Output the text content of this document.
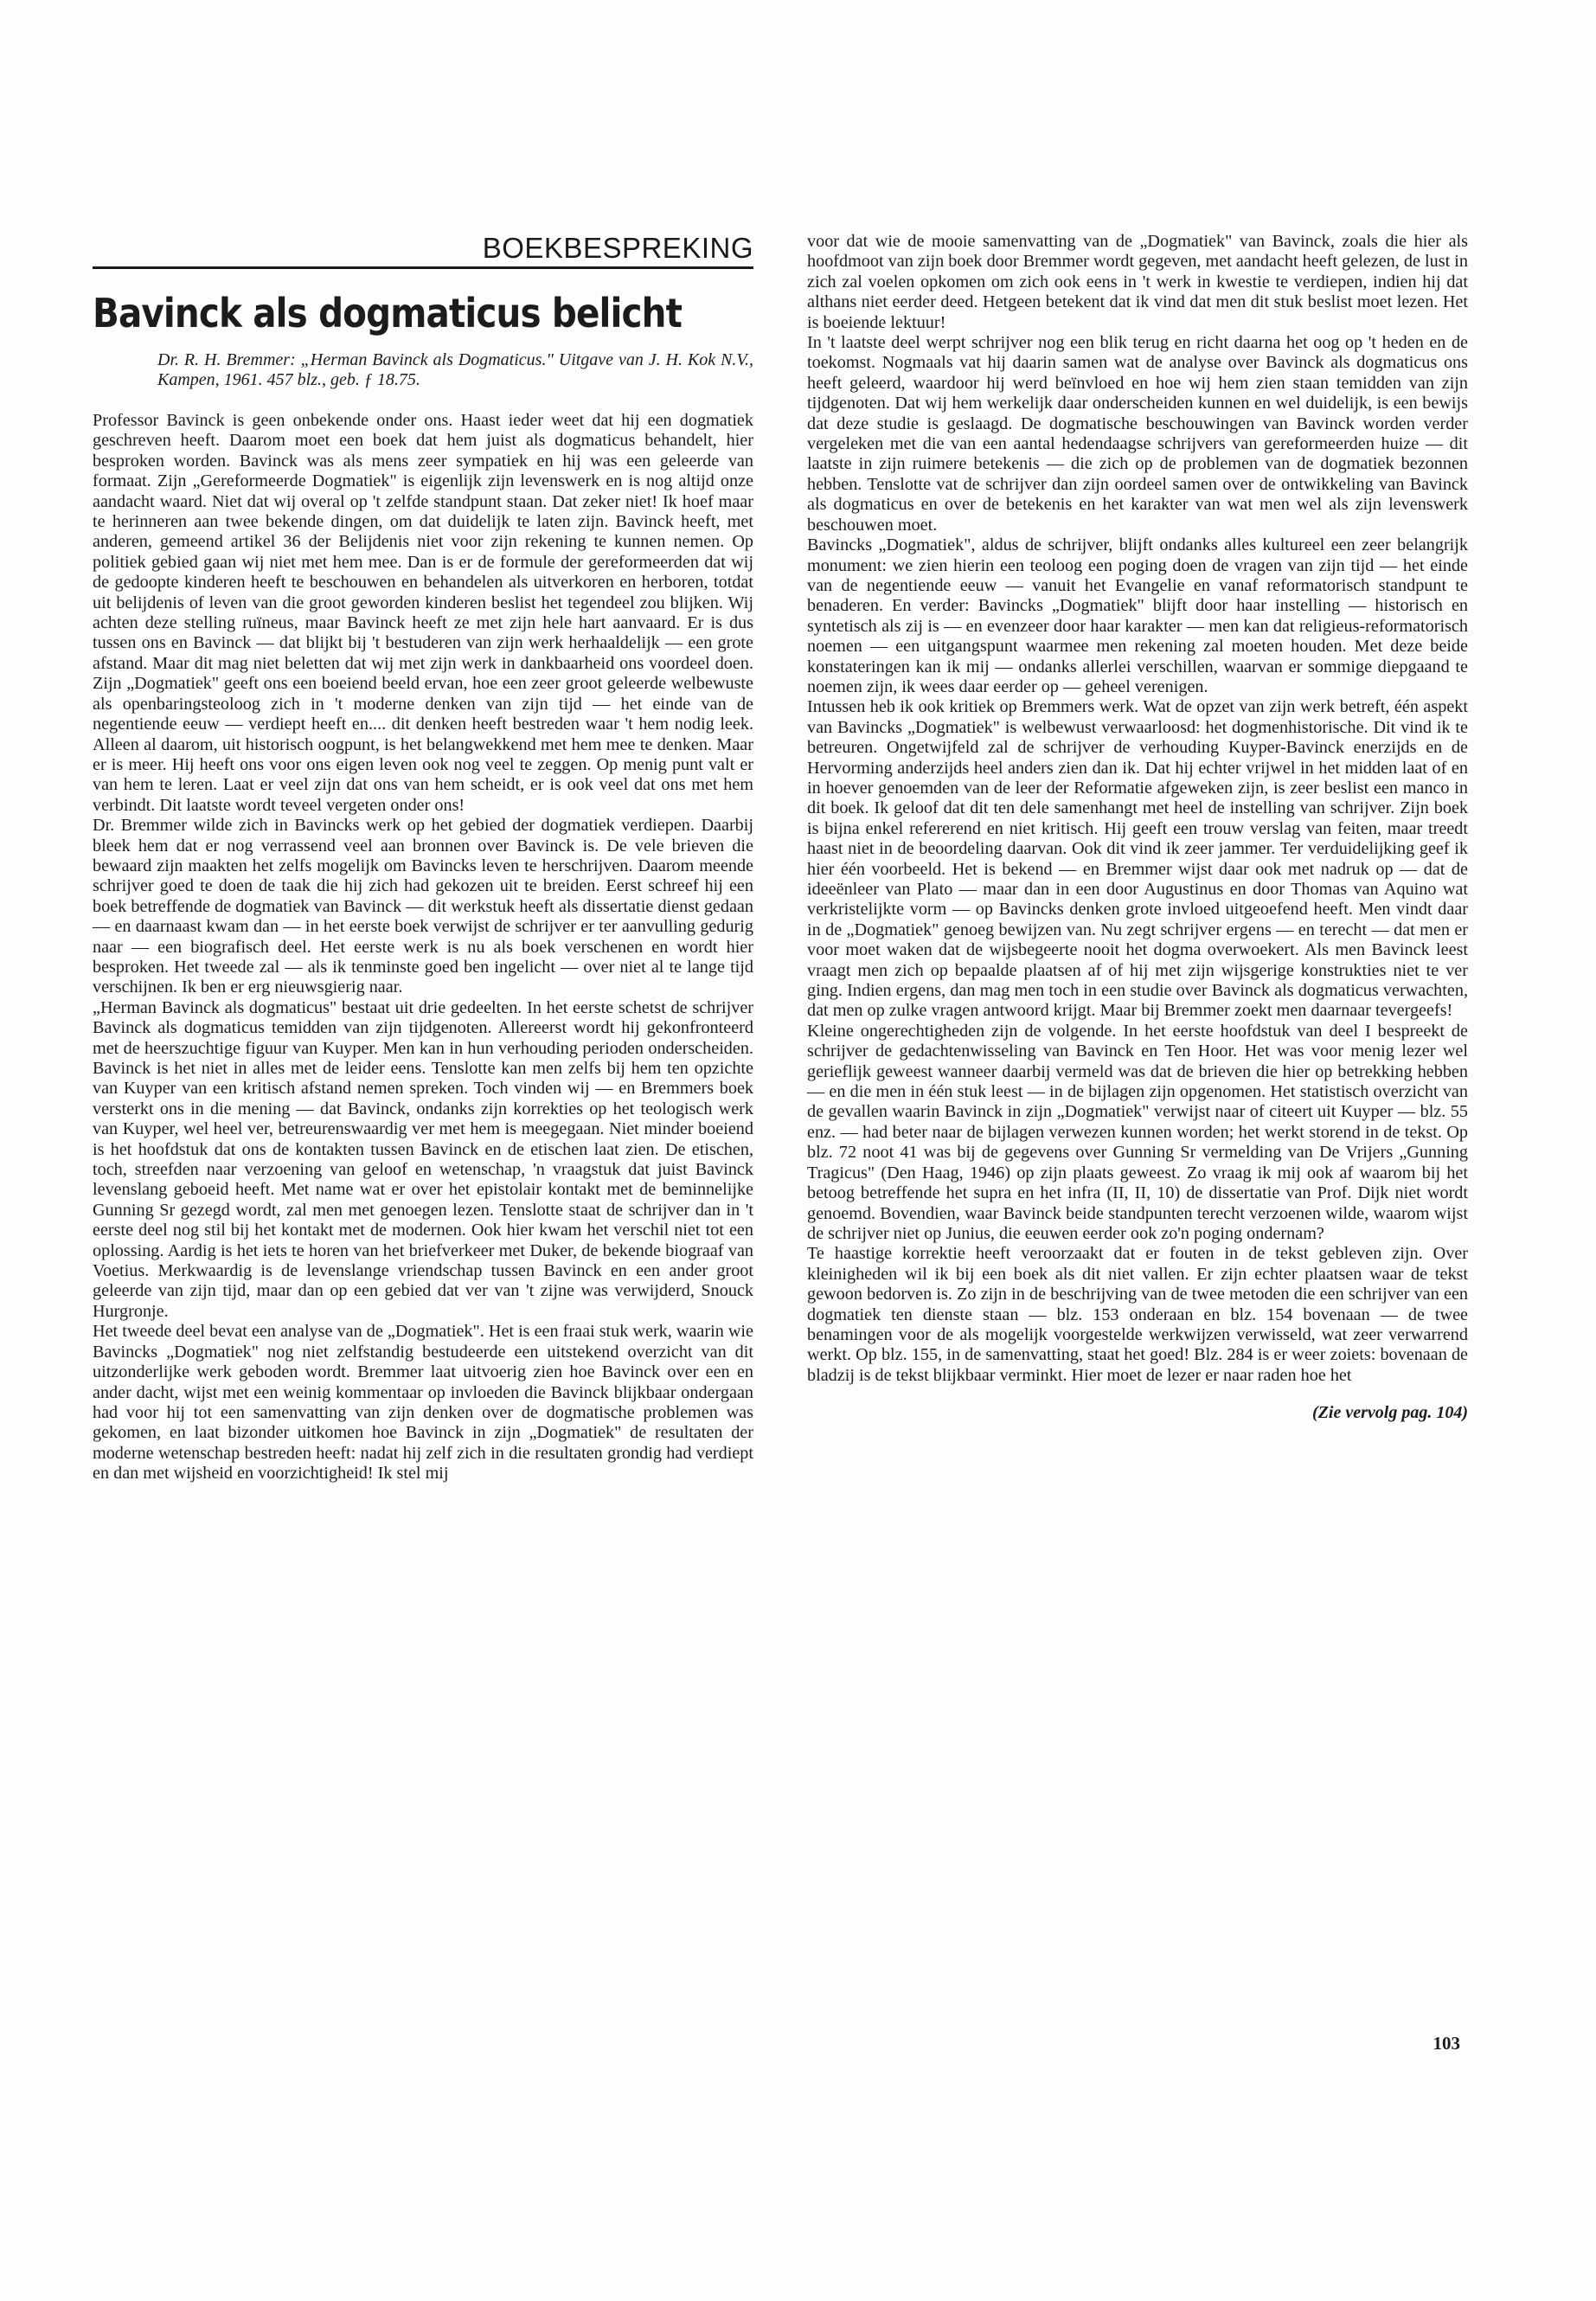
BOEKBESPREKING
Bavinck als dogmaticus belicht
Dr. R. H. Bremmer: „Herman Bavinck als Dogmaticus." Uitgave van J. H. Kok N.V., Kampen, 1961. 457 blz., geb. ƒ 18.75.

Professor Bavinck is geen onbekende onder ons. Haast ieder weet dat hij een dogmatiek geschreven heeft. Daarom moet een boek dat hem juist als dogmaticus behandelt, hier besproken worden. Bavinck was als mens zeer sympatiek en hij was een geleerde van formaat. Zijn „Gereformeerde Dogmatiek" is eigenlijk zijn levenswerk en is nog altijd onze aandacht waard. Niet dat wij overal op 't zelfde standpunt staan. Dat zeker niet! Ik hoef maar te herinneren aan twee bekende dingen, om dat duidelijk te laten zijn. Bavinck heeft, met anderen, gemeend artikel 36 der Belijdenis niet voor zijn rekening te kunnen nemen. Op politiek gebied gaan wij niet met hem mee. Dan is er de formule der gereformeerden dat wij de gedoopte kinderen heeft te beschouwen en behandelen als uitverkoren en herboren, totdat uit belijdenis of leven van die groot geworden kinderen beslist het tegendeel zou blijken. Wij achten deze stelling ruïneus, maar Bavinck heeft ze met zijn hele hart aanvaard. Er is dus tussen ons en Bavinck — dat blijkt bij 't bestuderen van zijn werk herhaaldelijk — een grote afstand. Maar dit mag niet beletten dat wij met zijn werk in dankbaarheid ons voordeel doen. Zijn „Dogmatiek" geeft ons een boeiend beeld ervan, hoe een zeer groot geleerde welbewuste als openbaringsteoloog zich in 't moderne denken van zijn tijd — het einde van de negentiende eeuw — verdiept heeft en.... dit denken heeft bestreden waar 't hem nodig leek. Alleen al daarom, uit historisch oogpunt, is het belangwekkend met hem mee te denken. Maar er is meer. Hij heeft ons voor ons eigen leven ook nog veel te zeggen. Op menig punt valt er van hem te leren. Laat er veel zijn dat ons van hem scheidt, er is ook veel dat ons met hem verbindt. Dit laatste wordt teveel vergeten onder ons!

Dr. Bremmer wilde zich in Bavincks werk op het gebied der dogmatiek verdiepen. Daarbij bleek hem dat er nog verrassend veel aan bronnen over Bavinck is. De vele brieven die bewaard zijn maakten het zelfs mogelijk om Bavincks leven te herschrijven. Daarom meende schrijver goed te doen de taak die hij zich had gekozen uit te breiden. Eerst schreef hij een boek betreffende de dogmatiek van Bavinck — dit werkstuk heeft als dissertatie dienst gedaan — en daarnaast kwam dan — in het eerste boek verwijst de schrijver er ter aanvulling gedurig naar — een biografisch deel. Het eerste werk is nu als boek verschenen en wordt hier besproken. Het tweede zal — als ik tenminste goed ben ingelicht — over niet al te lange tijd verschijnen. Ik ben er erg nieuwsgierig naar.

„Herman Bavinck als dogmaticus" bestaat uit drie gedeelten. In het eerste schetst de schrijver Bavinck als dogmaticus temidden van zijn tijdgenoten. Allereerst wordt hij gekonfronteerd met de heerszuchtige figuur van Kuyper. Men kan in hun verhouding perioden onderscheiden. Bavinck is het niet in alles met de leider eens. Tenslotte kan men zelfs bij hem ten opzichte van Kuyper van een kritisch afstand nemen spreken. Toch vinden wij — en Bremmers boek versterkt ons in die mening — dat Bavinck, ondanks zijn korrekties op het teologisch werk van Kuyper, wel heel ver, betreurenswaardig ver met hem is meegegaan. Niet minder boeiend is het hoofdstuk dat ons de kontakten tussen Bavinck en de etischen laat zien. De etischen, toch, streefden naar verzoening van geloof en wetenschap, 'n vraagstuk dat juist Bavinck levenslang geboeid heeft. Met name wat er over het epistolair kontakt met de beminnelijke Gunning Sr gezegd wordt, zal men met genoegen lezen. Tenslotte staat de schrijver dan in 't eerste deel nog stil bij het kontakt met de modernen. Ook hier kwam het verschil niet tot een oplossing. Aardig is het iets te horen van het briefverkeer met Duker, de bekende biograaf van Voetius. Merkwaardig is de levenslange vriendschap tussen Bavinck en een ander groot geleerde van zijn tijd, maar dan op een gebied dat ver van 't zijne was verwijderd, Snouck Hurgronje.

Het tweede deel bevat een analyse van de „Dogmatiek". Het is een fraai stuk werk, waarin wie Bavincks „Dogmatiek" nog niet zelfstandig bestudeerde een uitstekend overzicht van dit uitzonderlijke werk geboden wordt. Bremmer laat uitvoerig zien hoe Bavinck over een en ander dacht, wijst met een weinig kommentaar op invloeden die Bavinck blijkbaar ondergaan had voor hij tot een samenvatting van zijn denken over de dogmatische problemen was gekomen, en laat bizonder uitkomen hoe Bavinck in zijn „Dogmatiek" de resultaten der moderne wetenschap bestreden heeft: nadat hij zelf zich in die resultaten grondig had verdiept en dan met wijsheid en voorzichtigheid! Ik stel mij

voor dat wie de mooie samenvatting van de „Dogmatiek" van Bavinck, zoals die hier als hoofdmoot van zijn boek door Bremmer wordt gegeven, met aandacht heeft gelezen, de lust in zich zal voelen opkomen om zich ook eens in 't werk in kwestie te verdiepen, indien hij dat althans niet eerder deed. Hetgeen betekent dat ik vind dat men dit stuk beslist moet lezen. Het is boeiende lektuur!

In 't laatste deel werpt schrijver nog een blik terug en richt daarna het oog op 't heden en de toekomst. Nogmaals vat hij daarin samen wat de analyse over Bavinck als dogmaticus ons heeft geleerd, waardoor hij werd beïnvloed en hoe wij hem zien staan temidden van zijn tijdgenoten. Dat wij hem werkelijk daar onderscheiden kunnen en wel duidelijk, is een bewijs dat deze studie is geslaagd. De dogmatische beschouwingen van Bavinck worden verder vergeleken met die van een aantal hedendaagse schrijvers van gereformeerden huize — dit laatste in zijn ruimere betekenis — die zich op de problemen van de dogmatiek bezonnen hebben. Tenslotte vat de schrijver dan zijn oordeel samen over de ontwikkeling van Bavinck als dogmaticus en over de betekenis en het karakter van wat men wel als zijn levenswerk beschouwen moet.

Bavincks „Dogmatiek", aldus de schrijver, blijft ondanks alles kultureel een zeer belangrijk monument: we zien hierin een teoloog een poging doen de vragen van zijn tijd — het einde van de negentiende eeuw — vanuit het Evangelie en vanaf reformatorisch standpunt te benaderen. En verder: Bavincks „Dogmatiek" blijft door haar instelling — historisch en syntetisch als zij is — en evenzeer door haar karakter — men kan dat religieus-reformatorisch noemen — een uitgangspunt waarmee men rekening zal moeten houden. Met deze beide konstateringen kan ik mij — ondanks allerlei verschillen, waarvan er sommige diepgaand te noemen zijn, ik wees daar eerder op — geheel verenigen.

Intussen heb ik ook kritiek op Bremmers werk. Wat de opzet van zijn werk betreft, één aspekt van Bavincks „Dogmatiek" is welbewust verwaarloosd: het dogmenhistorische. Dit vind ik te betreuren. Ongetwijfeld zal de schrijver de verhouding Kuyper-Bavinck enerzijds en de Hervorming anderzijds heel anders zien dan ik. Dat hij echter vrijwel in het midden laat of en in hoever genoemden van de leer der Reformatie afgeweken zijn, is zeer beslist een manco in dit boek. Ik geloof dat dit ten dele samenhangt met heel de instelling van schrijver. Zijn boek is bijna enkel refererend en niet kritisch. Hij geeft een trouw verslag van feiten, maar treedt haast niet in de beoordeling daarvan. Ook dit vind ik zeer jammer. Ter verduidelijking geef ik hier één voorbeeld. Het is bekend — en Bremmer wijst daar ook met nadruk op — dat de ideeënleer van Plato — maar dan in een door Augustinus en door Thomas van Aquino wat verkristelijkte vorm — op Bavincks denken grote invloed uitgeoefend heeft. Men vindt daar in de „Dogmatiek" genoeg bewijzen van. Nu zegt schrijver ergens — en terecht — dat men er voor moet waken dat de wijsbegeerte nooit het dogma overwoekert. Als men Bavinck leest vraagt men zich op bepaalde plaatsen af of hij met zijn wijsgerige konstrukties niet te ver ging. Indien ergens, dan mag men toch in een studie over Bavinck als dogmaticus verwachten, dat men op zulke vragen antwoord krijgt. Maar bij Bremmer zoekt men daarnaar tevergeefs!

Kleine ongerechtigheden zijn de volgende. In het eerste hoofdstuk van deel I bespreekt de schrijver de gedachtenwisseling van Bavinck en Ten Hoor. Het was voor menig lezer wel gerieflijk geweest wanneer daarbij vermeld was dat de brieven die hier op betrekking hebben — en die men in één stuk leest — in de bijlagen zijn opgenomen. Het statistisch overzicht van de gevallen waarin Bavinck in zijn „Dogmatiek" verwijst naar of citeert uit Kuyper — blz. 55 enz. — had beter naar de bijlagen verwezen kunnen worden; het werkt storend in de tekst. Op blz. 72 noot 41 was bij de gegevens over Gunning Sr vermelding van De Vrijers „Gunning Tragicus" (Den Haag, 1946) op zijn plaats geweest. Zo vraag ik mij ook af waarom bij het betoog betreffende het supra en het infra (II, II, 10) de dissertatie van Prof. Dijk niet wordt genoemd. Bovendien, waar Bavinck beide standpunten terecht verzoenen wilde, waarom wijst de schrijver niet op Junius, die eeuwen eerder ook zo'n poging ondernam?

Te haastige korrektie heeft veroorzaakt dat er fouten in de tekst gebleven zijn. Over kleinigheden wil ik bij een boek als dit niet vallen. Er zijn echter plaatsen waar de tekst gewoon bedorven is. Zo zijn in de beschrijving van de twee metoden die een schrijver van een dogmatiek ten dienste staan — blz. 153 onderaan en blz. 154 bovenaan — de twee benamingen voor de als mogelijk voorgestelde werkwijzen verwisseld, wat zeer verwarrend werkt. Op blz. 155, in de samenvatting, staat het goed! Blz. 284 is er weer zoiets: bovenaan de bladzij is de tekst blijkbaar verminkt. Hier moet de lezer er naar raden hoe het

(Zie vervolg pag. 104)
103
